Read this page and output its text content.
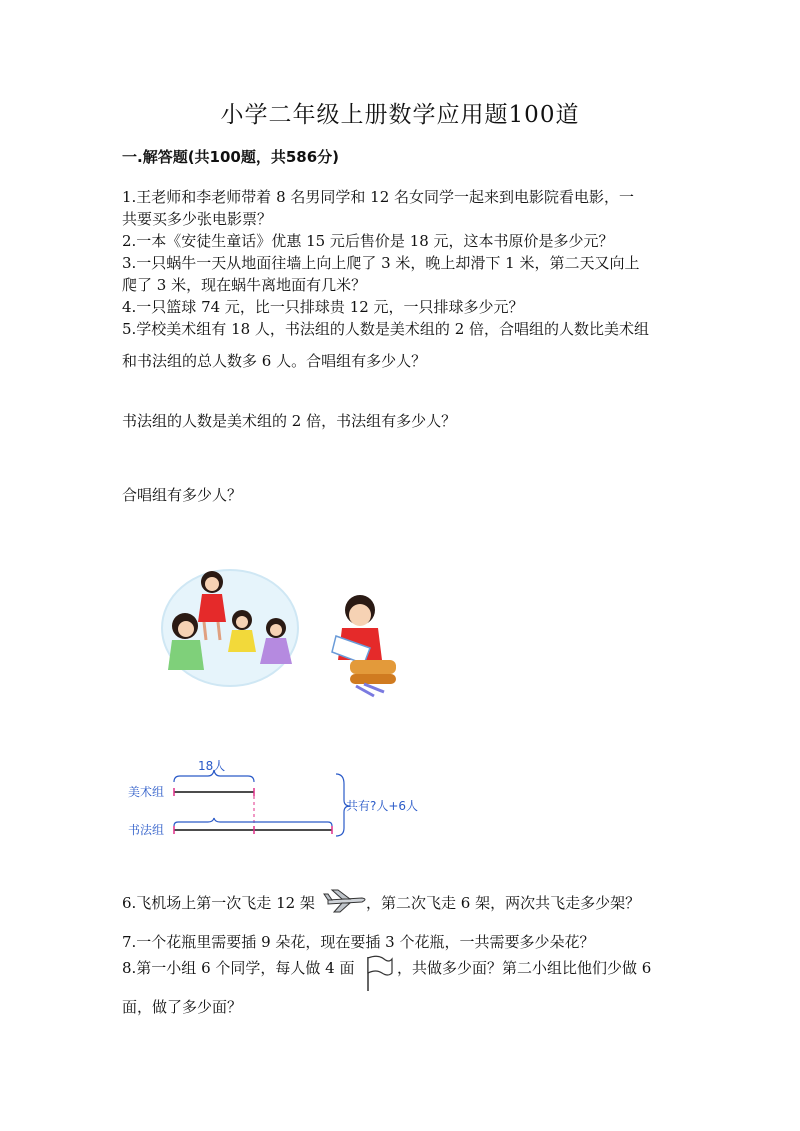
小学二年级上册数学应用题100道
一.解答题(共100题，共586分)
1.王老师和李老师带着 8 名男同学和 12 名女同学一起来到电影院看电影，一
共要买多少张电影票？
2.一本《安徒生童话》优惠 15 元后售价是 18 元，这本书原价是多少元？
3.一只蜗牛一天从地面往墙上向上爬了 3 米，晚上却滑下 1 米，第二天又向上
爬了 3 米，现在蜗牛离地面有几米？
4.一只篮球 74 元，比一只排球贵 12 元，一只排球多少元？
5.学校美术组有 18 人，书法组的人数是美术组的 2 倍，合唱组的人数比美术组
和书法组的总人数多 6 人。合唱组有多少人？
书法组的人数是美术组的 2 倍，书法组有多少人？
合唱组有多少人？
18人
美术组
书法组
共有?人+6人
6.飞机场上第一次飞走 12 架	，第二次飞走 6 架，两次共飞走多少架？
7.一个花瓶里需要插 9 朵花，现在要插 3 个花瓶，一共需要多少朵花？
8.第一小组 6 个同学，每人做 4 面	，共做多少面？第二小组比他们少做 6
面，做了多少面？
